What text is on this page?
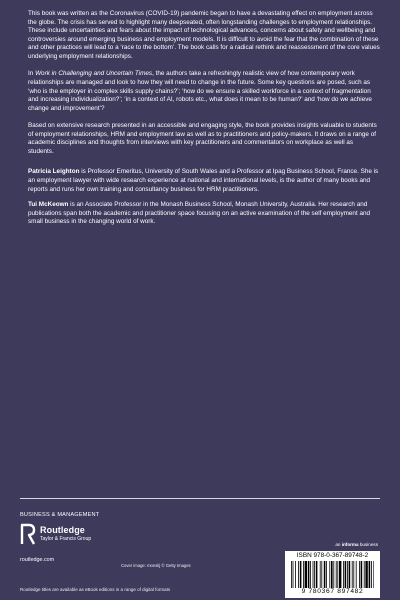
This book was written as the Coronavirus (COVID-19) pandemic began to have a devastating effect on employment across the globe. The crisis has served to highlight many deepseated, often longstanding challenges to employment relationships. These include uncertainties and fears about the impact of technological advances, concerns about safety and wellbeing and controversies around emerging business and employment models. It is difficult to avoid the fear that the combination of these and other practices will lead to a ‘race to the bottom’. The book calls for a radical rethink and reassessment of the core values underlying employment relationships.

In Work in Challenging and Uncertain Times, the authors take a refreshingly realistic view of how contemporary work relationships are managed and look to how they will need to change in the future. Some key questions are posed, such as ‘who is the employer in complex skills supply chains?’; ‘how do we ensure a skilled workforce in a context of fragmentation and increasing individualization?’; ‘in a context of AI, robots etc., what does it mean to be human?’ and ‘how do we achieve change and improvement’?

Based on extensive research presented in an accessible and engaging style, the book provides insights valuable to students of employment relationships, HRM and employment law as well as to practitioners and policy-makers. It draws on a range of academic disciplines and thoughts from interviews with key practitioners and commentators on workplace as well as students.

Patricia Leighton is Professor Emeritus, University of South Wales and a Professor at Ipag Business School, France. She is an employment lawyer with wide research experience at national and international levels, is the author of many books and reports and runs her own training and consultancy business for HRM practitioners.

Tui McKeown is an Associate Professor in the Monash Business School, Monash University, Australia. Her research and publications span both the academic and practitioner space focusing on an active examination of the self employment and small business in the changing world of work.

BUSINESS & MANAGEMENT
Routledge
Taylor & Francis Group
routledge.com
Cover image: monsitj © Getty Images
Routledge titles are available as eBook editions in a range of digital formats
an informa business
ISBN 978-0-367-89748-2
9 780367 897482
